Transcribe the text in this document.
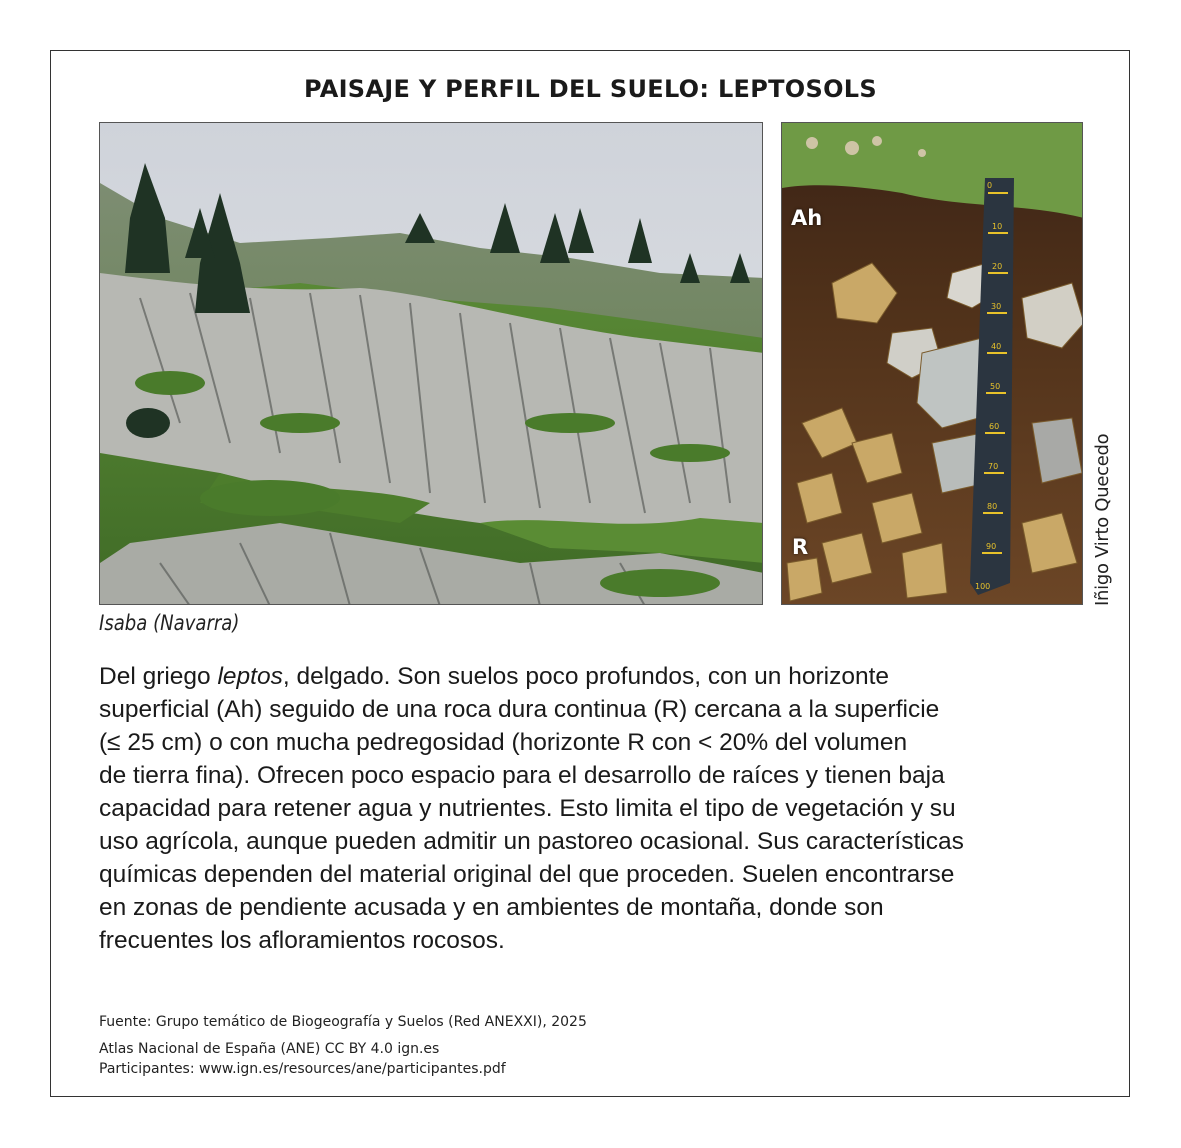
PAISAJE Y PERFIL DEL SUELO: LEPTOSOLS
Isaba (Navarra)
0
10
20
30
40
50
60
70
80
90
100
Ah
R	Iñigo Virto Quecedo
Del griego leptos, delgado. Son suelos poco profundos, con un horizonte
superficial (Ah) seguido de una roca dura continua (R) cercana a la superficie
(≤ 25 cm) o con mucha pedregosidad (horizonte R con < 20% del volumen
de tierra fina). Ofrecen poco espacio para el desarrollo de raíces y tienen baja
capacidad para retener agua y nutrientes. Esto limita el tipo de vegetación y su
uso agrícola, aunque pueden admitir un pastoreo ocasional. Sus características
químicas dependen del material original del que proceden. Suelen encontrarse
en zonas de pendiente acusada y en ambientes de montaña, donde son
frecuentes los afloramientos rocosos.
Fuente: Grupo temático de Biogeografía y Suelos (Red ANEXXI), 2025
Atlas Nacional de España (ANE) CC BY 4.0 ign.es
Participantes: www.ign.es/resources/ane/participantes.pdf
